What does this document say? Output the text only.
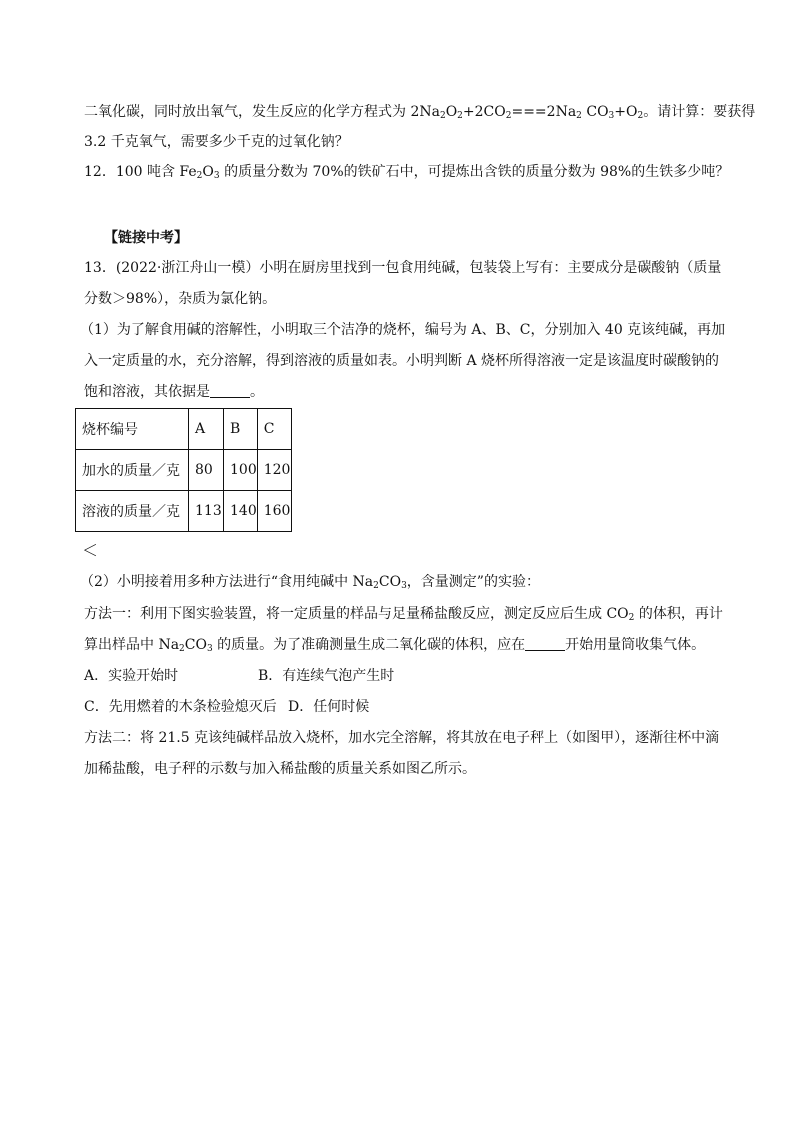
二氧化碳，同时放出氧气，发生反应的化学方程式为 $2Na_2O_2+2CO_2===2Na_2$ $CO_3+O_2$。请计算：要获得
3.2 千克氧气，需要多少千克的过氧化钠？
12．100 吨含 $Fe_2O_3$ 的质量分数为 70%的铁矿石中，可提炼出含铁的质量分数为 98%的生铁多少吨？
【链接中考】
13．(2022·浙江舟山一模）小明在厨房里找到一包食用纯碱，包装袋上写有：主要成分是碳酸钠（质量
分数＞98%），杂质为氯化钠。
（1）为了解食用碱的溶解性，小明取三个洁净的烧杯，编号为 A、B、C，分别加入 40 克该纯碱，再加
入一定质量的水，充分溶解，得到溶液的质量如表。小明判断 A 烧杯所得溶液一定是该温度时碳酸钠的
饱和溶液，其依据是	。
烧杯编号	A	B	C
加水的质量／克	80	100	120
溶液的质量／克	113	140	160
＜
（2）小明接着用多种方法进行“食用纯碱中 $Na_2CO_3$，含量测定”的实验：
方法一：利用下图实验装置，将一定质量的样品与足量稀盐酸反应，测定反应后生成 $CO_2$ 的体积，再计
算出样品中 $Na_2CO_3$ 的质量。为了准确测量生成二氧化碳的体积，应在	开始用量筒收集气体。
A．实验开始时	B．有连续气泡产生时
C．先用燃着的木条检验熄灭后 D．任何时候
方法二：将 21.5 克该纯碱样品放入烧杯，加水完全溶解，将其放在电子秤上（如图甲），逐渐往杯中滴
加稀盐酸，电子秤的示数与加入稀盐酸的质量关系如图乙所示。
